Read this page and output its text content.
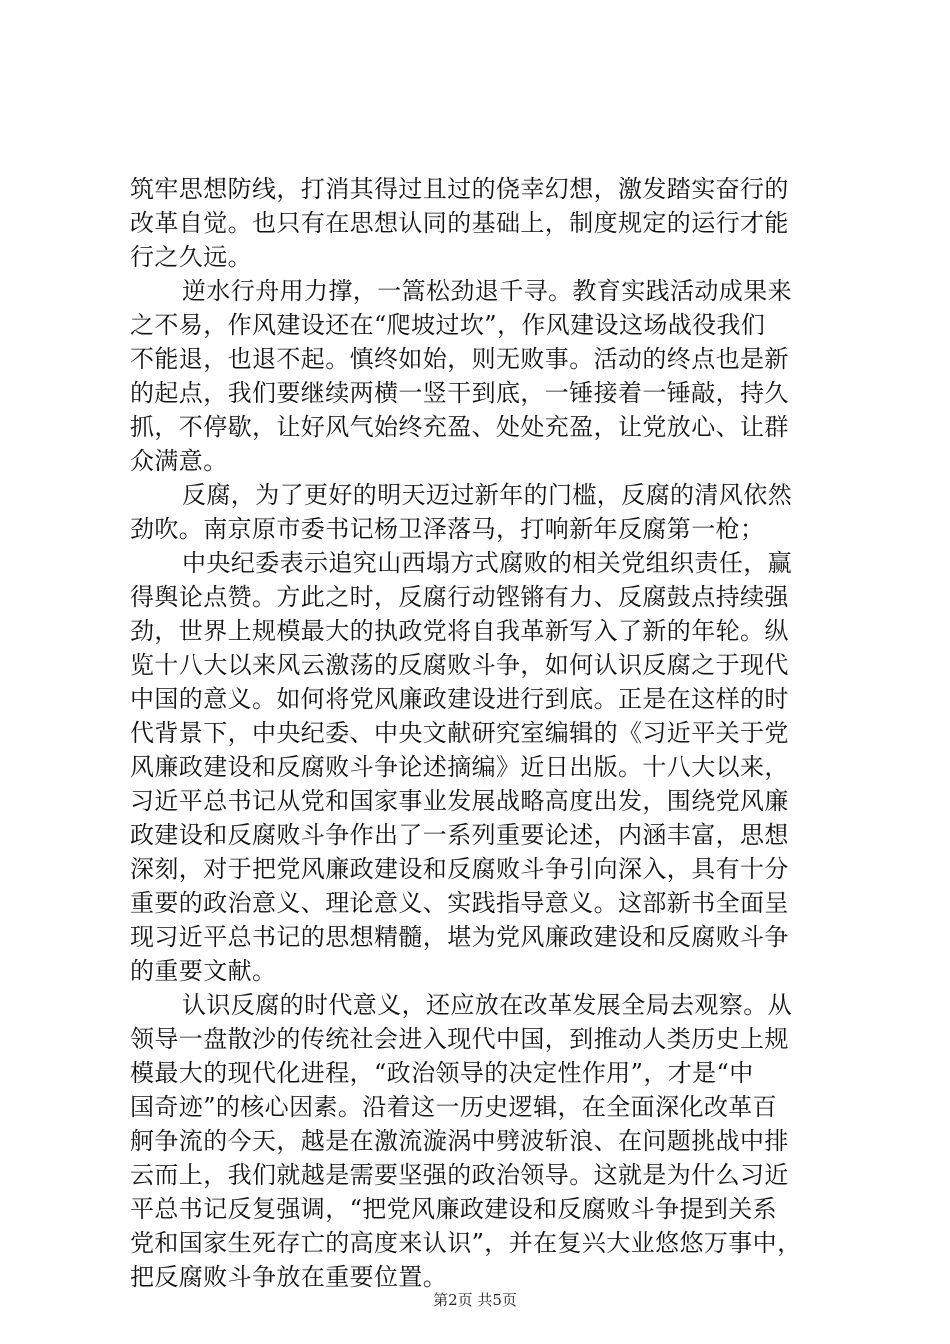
筑牢思想防线，打消其得过且过的侥幸幻想，激发踏实奋行的
改革自觉。也只有在思想认同的基础上，制度规定的运行才能
行之久远。
逆水行舟用力撑，一篙松劲退千寻。教育实践活动成果来
之不易，作风建设还在“爬坡过坎”，作风建设这场战役我们
不能退，也退不起。慎终如始，则无败事。活动的终点也是新
的起点，我们要继续两横一竖干到底，一锤接着一锤敲，持久
抓，不停歇，让好风气始终充盈、处处充盈，让党放心、让群
众满意。
反腐，为了更好的明天迈过新年的门槛，反腐的清风依然
劲吹。南京原市委书记杨卫泽落马，打响新年反腐第一枪；
中央纪委表示追究山西塌方式腐败的相关党组织责任，赢
得舆论点赞。方此之时，反腐行动铿锵有力、反腐鼓点持续强
劲，世界上规模最大的执政党将自我革新写入了新的年轮。纵
览十八大以来风云激荡的反腐败斗争，如何认识反腐之于现代
中国的意义。如何将党风廉政建设进行到底。正是在这样的时
代背景下，中央纪委、中央文献研究室编辑的《习近平关于党
风廉政建设和反腐败斗争论述摘编》近日出版。十八大以来，
习近平总书记从党和国家事业发展战略高度出发，围绕党风廉
政建设和反腐败斗争作出了一系列重要论述，内涵丰富，思想
深刻，对于把党风廉政建设和反腐败斗争引向深入，具有十分
重要的政治意义、理论意义、实践指导意义。这部新书全面呈
现习近平总书记的思想精髓，堪为党风廉政建设和反腐败斗争
的重要文献。
认识反腐的时代意义，还应放在改革发展全局去观察。从
领导一盘散沙的传统社会进入现代中国，到推动人类历史上规
模最大的现代化进程，“政治领导的决定性作用”，才是“中
国奇迹”的核心因素。沿着这一历史逻辑，在全面深化改革百
舸争流的今天，越是在激流漩涡中劈波斩浪、在问题挑战中排
云而上，我们就越是需要坚强的政治领导。这就是为什么习近
平总书记反复强调，“把党风廉政建设和反腐败斗争提到关系
党和国家生死存亡的高度来认识”，并在复兴大业悠悠万事中，
把反腐败斗争放在重要位置。
第2页 共5页
